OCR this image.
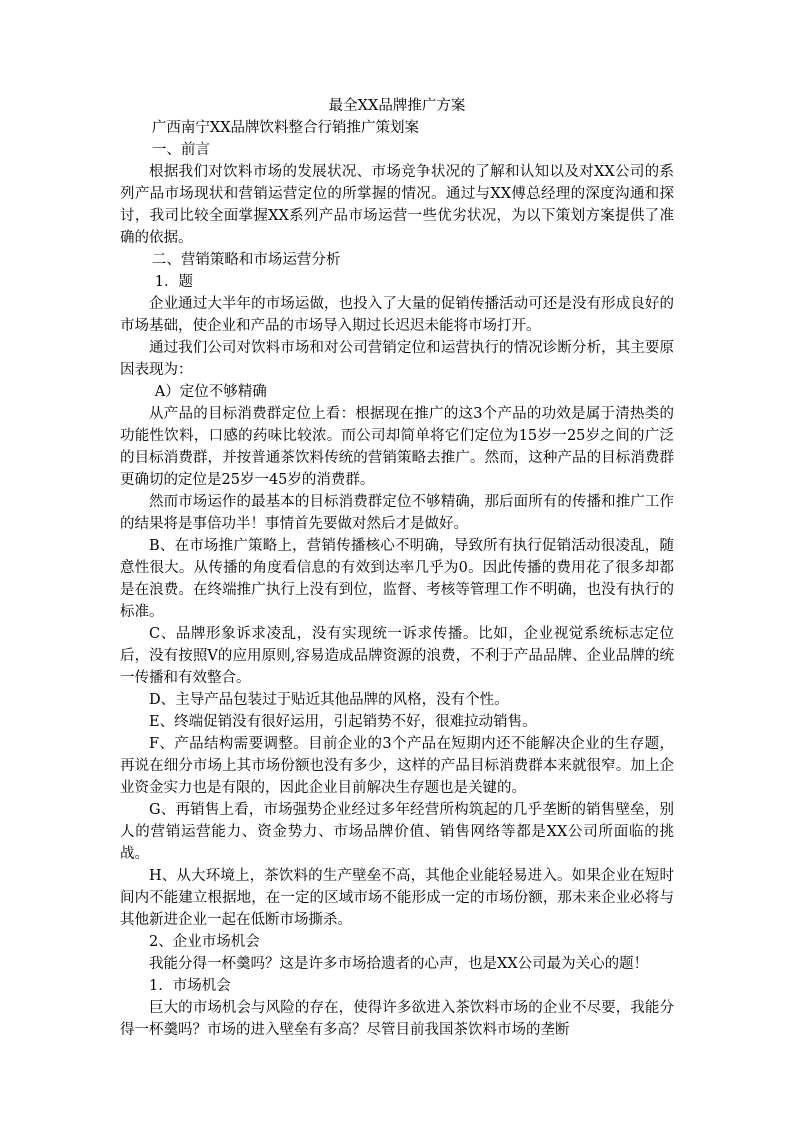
最全XX品牌推广方案

广西南宁XX品牌饮料整合行销推广策划案

一、前言

根据我们对饮料市场的发展状况、市场竞争状况的了解和认知以及对XX公司的系列产品市场现状和营销运营定位的所掌握的情况。通过与XX傅总经理的深度沟通和探讨，我司比较全面掌握XX系列产品市场运营一些优劣状况，为以下策划方案提供了准确的依据。

二、营销策略和市场运营分析

1．题

企业通过大半年的市场运做，也投入了大量的促销传播活动可还是没有形成良好的市场基础，使企业和产品的市场导入期过长迟迟未能将市场打开。

通过我们公司对饮料市场和对公司营销定位和运营执行的情况诊断分析，其主要原因表现为：

A）定位不够精确

从产品的目标消费群定位上看：根据现在推广的这3个产品的功效是属于清热类的功能性饮料，口感的药味比较浓。而公司却简单将它们定位为15岁一25岁之间的广泛的目标消费群，并按普通茶饮料传统的营销策略去推广。然而，这种产品的目标消费群更确切的定位是25岁一45岁的消费群。

然而市场运作的最基本的目标消费群定位不够精确，那后面所有的传播和推广工作的结果将是事倍功半！事情首先要做对然后才是做好。

B、在市场推广策略上，营销传播核心不明确，导致所有执行促销活动很凌乱，随意性很大。从传播的角度看信息的有效到达率几乎为0。因此传播的费用花了很多却都是在浪费。在终端推广执行上没有到位，监督、考核等管理工作不明确，也没有执行的标准。

C、品牌形象诉求凌乱，没有实现统一诉求传播。比如，企业视觉系统标志定位后，没有按照V的应用原则,容易造成品牌资源的浪费，不利于产品品牌、企业品牌的统一传播和有效整合。

D、主导产品包装过于贴近其他品牌的风格，没有个性。

E、终端促销没有很好运用，引起销势不好，很难拉动销售。

F、产品结构需要调整。目前企业的3个产品在短期内还不能解决企业的生存题，再说在细分市场上其市场份额也没有多少，这样的产品目标消费群本来就很窄。加上企业资金实力也是有限的，因此企业目前解决生存题也是关键的。

G、再销售上看，市场强势企业经过多年经营所构筑起的几乎垄断的销售壁垒，别人的营销运营能力、资金势力、市场品牌价值、销售网络等都是XX公司所面临的挑战。

H、从大环境上，茶饮料的生产壁垒不高，其他企业能轻易进入。如果企业在短时间内不能建立根据地，在一定的区域市场不能形成一定的市场份额，那未来企业必将与其他新进企业一起在低断市场撕杀。

2、企业市场机会

我能分得一杯羹吗？这是许多市场拾遗者的心声，也是XX公司最为关心的题！

1．市场机会

巨大的市场机会与风险的存在，使得许多欲进入茶饮料市场的企业不尽要，我能分得一杯羹吗？市场的进入壁垒有多高？尽管目前我国茶饮料市场的垄断
